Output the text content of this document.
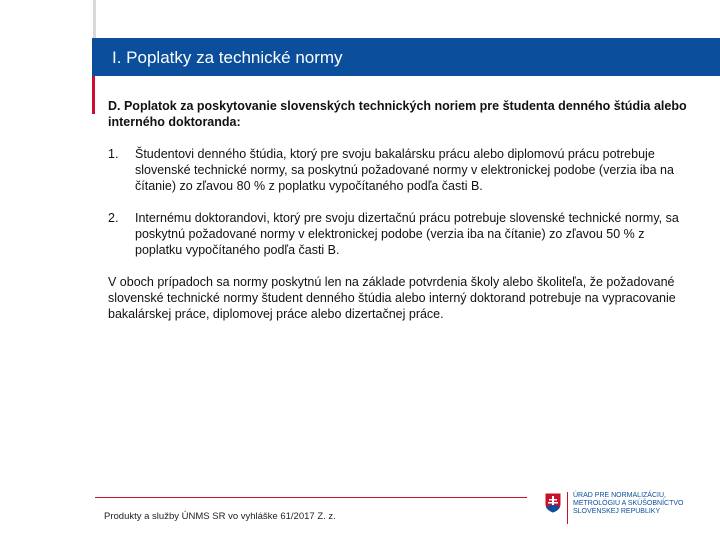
I. Poplatky za technické normy

D. Poplatok za poskytovanie slovenských technických noriem pre študenta denného štúdia alebo interného doktoranda:

1.	Študentovi denného štúdia, ktorý pre svoju bakalársku prácu alebo diplomovú prácu potrebuje slovenské technické normy, sa poskytnú požadované normy v elektronickej podobe (verzia iba na čítanie) zo zľavou 80 % z poplatku vypočítaného podľa časti B.
2.	Internému doktorandovi, ktorý pre svoju dizertačnú prácu potrebuje slovenské technické normy, sa poskytnú požadované normy v elektronickej podobe (verzia iba na čítanie) zo zľavou 50 % z poplatku vypočítaného podľa časti B.

V oboch prípadoch sa normy poskytnú len na základe potvrdenia školy alebo školiteľa, že požadované slovenské technické normy študent denného štúdia alebo interný doktorand potrebuje na vypracovanie bakalárskej práce, diplomovej práce alebo dizertačnej práce.

Produkty a služby ÚNMS SR vo vyhláške 61/2017 Z. z.
ÚRAD PRE NORMALIZÁCIU,
METROLÓGIU A SKÚŠOBNÍCTVO
SLOVENSKEJ REPUBLIKY
